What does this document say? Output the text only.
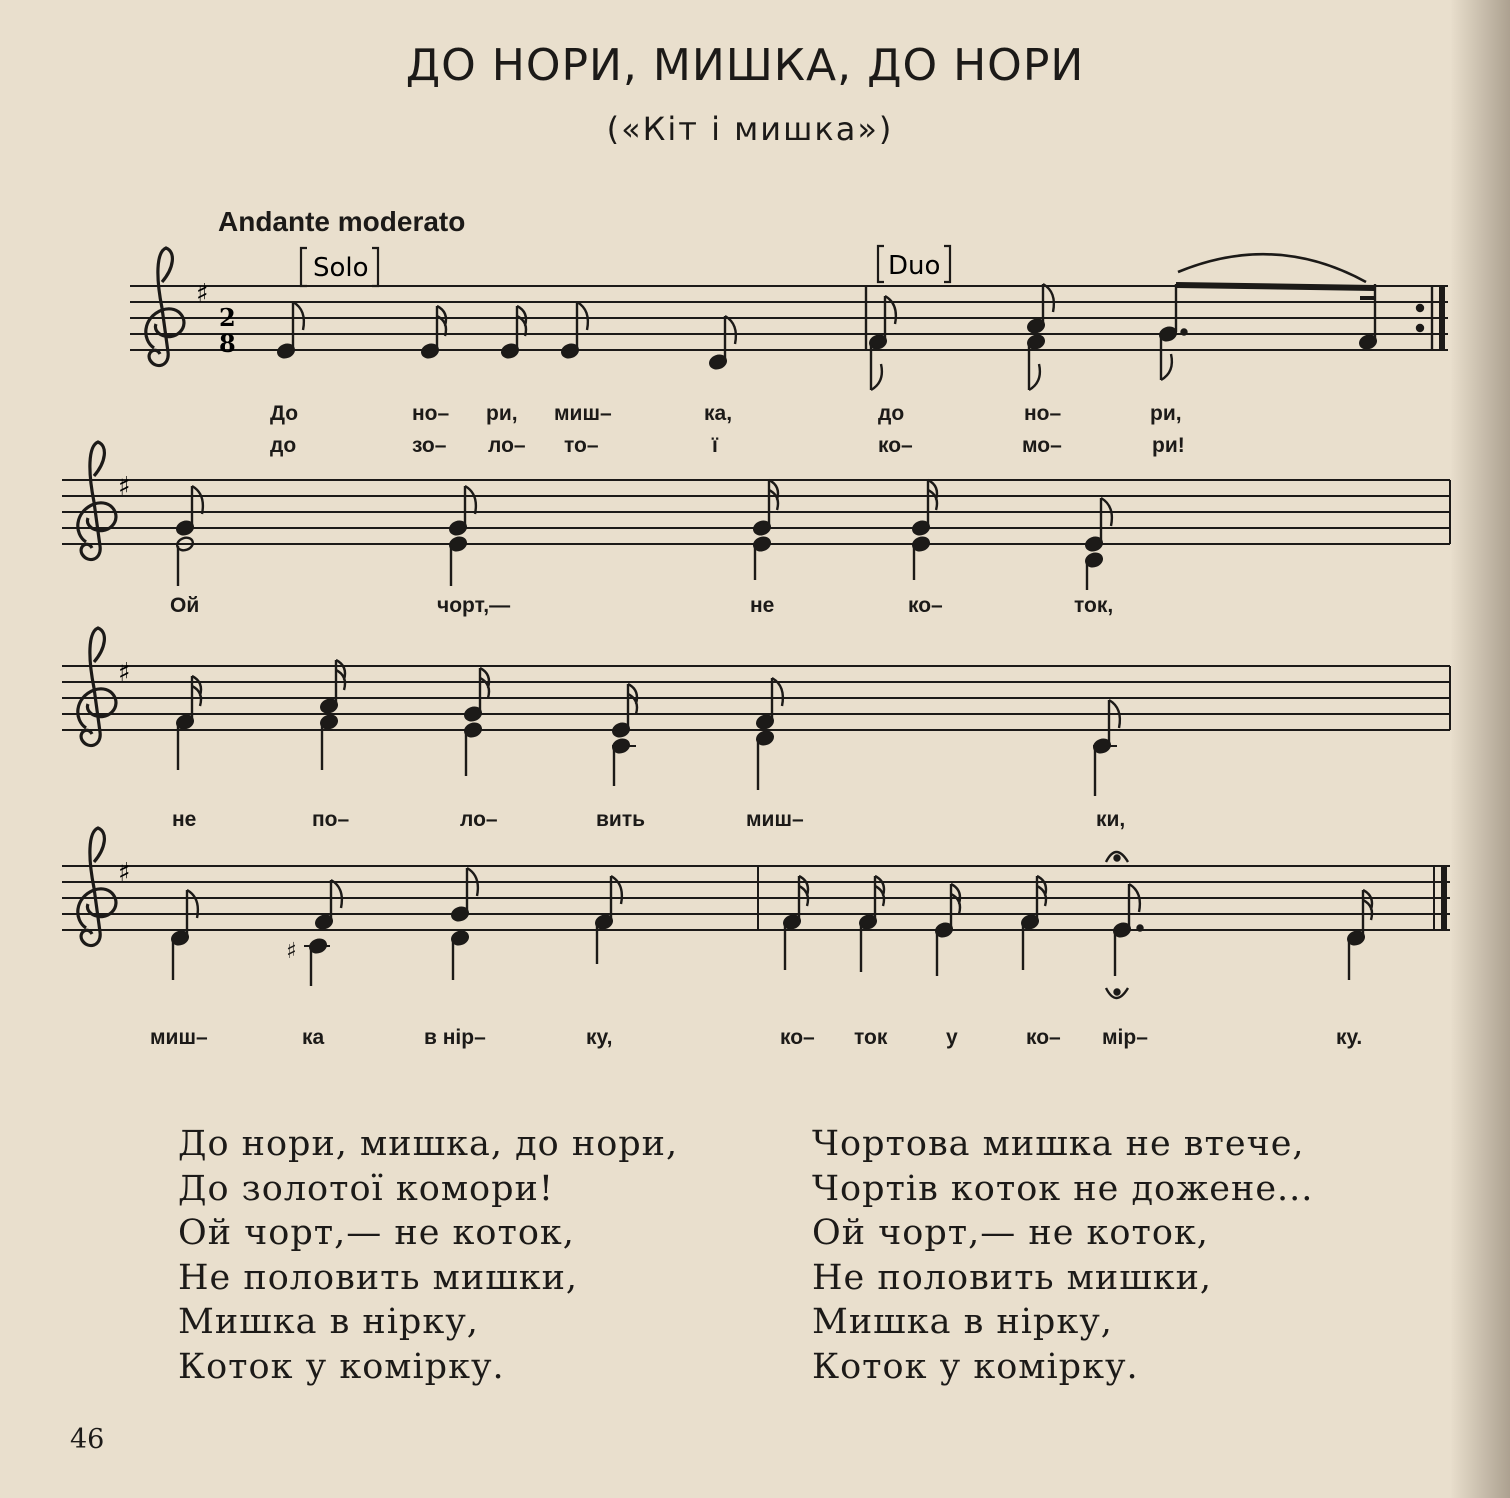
ДО НОРИ, МИШКА, ДО НОРИ
(«Кіт і мишка»)
Andante moderato
♯
2
8
Solo	Duo
♯
♯
♯
♯
До	но– ри, миш–	ка,	до	но–	ри,
до	зо– ло– то–	ї	ко–	мо–	ри!
Ой	чорт,—	не	ко–	ток,
не	по–	ло–	вить	миш–	ки,
миш–	ка	в нір–	ку,	ко– ток	у	ко– мір–	ку.
До нори, мишка, до нори,
До золотої комори!
Ой чорт,— не коток,
Не половить мишки,
Мишка в нірку,
Коток у комірку.
Чортова мишка не втече,
Чортів коток не дожене...
Ой чорт,— не коток,
Не половить мишки,
Мишка в нірку,
Коток у комірку.
46
